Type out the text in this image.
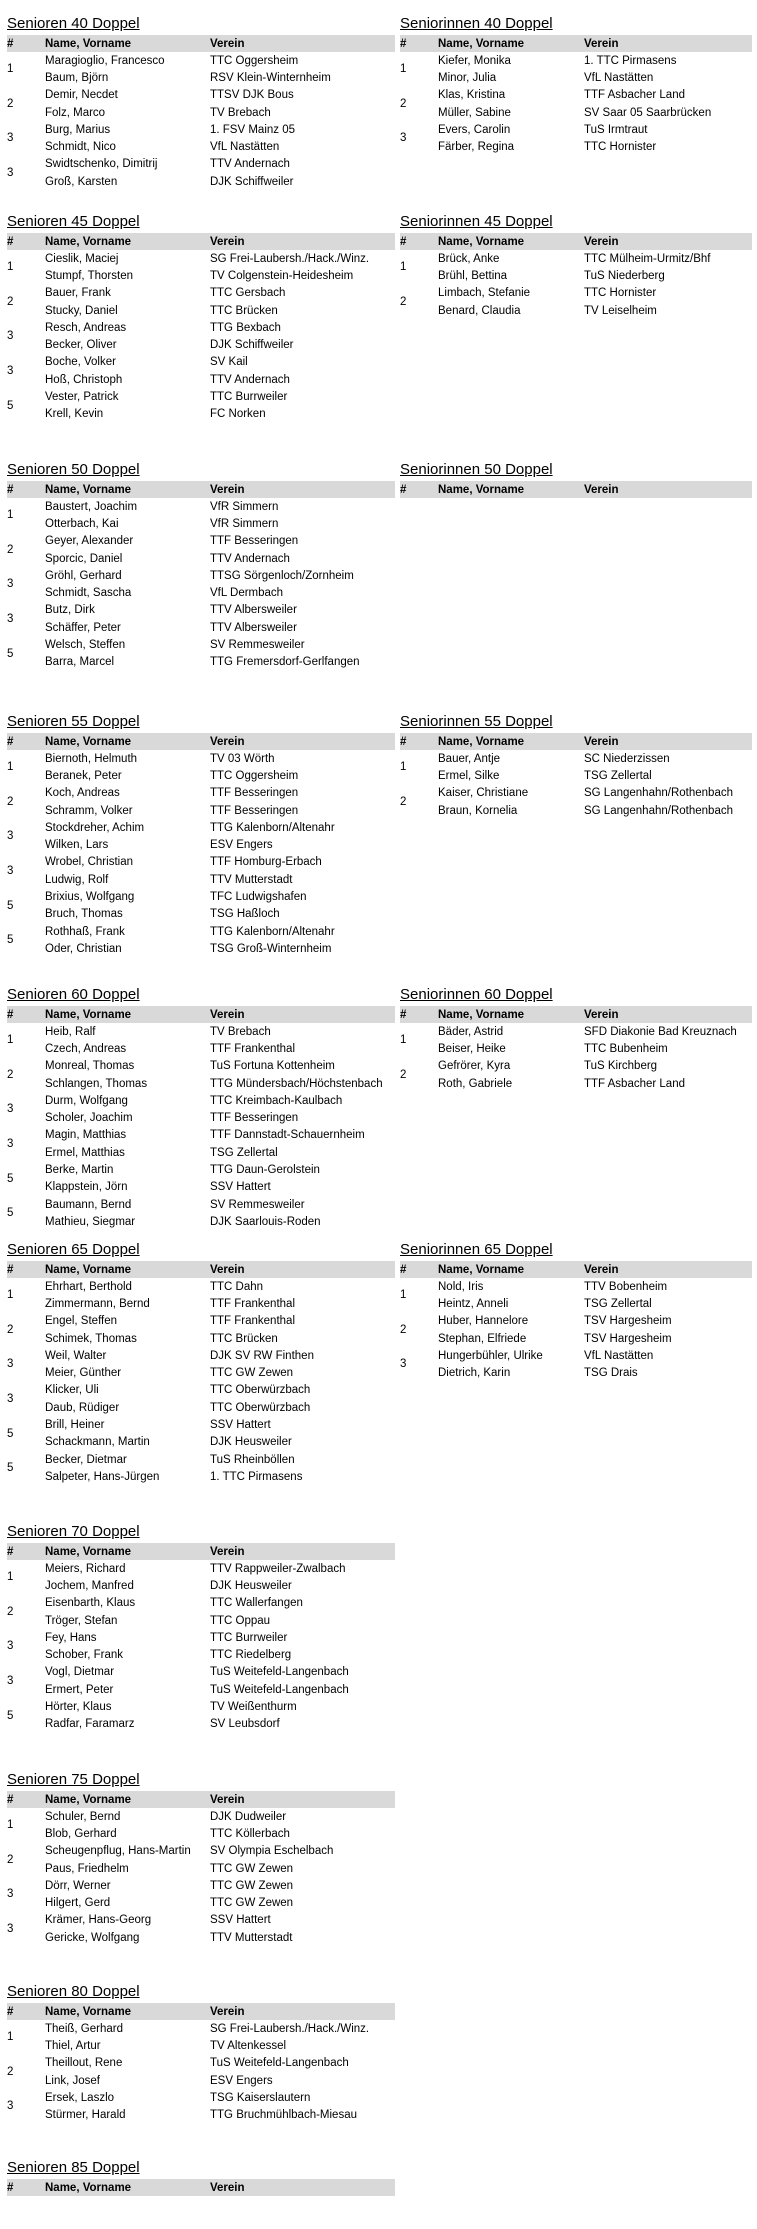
Senioren 40 Doppel
#	Name, Vorname	Verein
1	Maragioglio, Francesco	TTC Oggersheim
	Baum, Björn	RSV Klein-Winternheim
2	Demir, Necdet	TTSV DJK Bous
	Folz, Marco	TV Brebach
3	Burg, Marius	1. FSV Mainz 05
	Schmidt, Nico	VfL Nastätten
3	Swidtschenko, Dimitrij	TTV Andernach
	Groß, Karsten	DJK Schiffweiler
Seniorinnen 40 Doppel
#	Name, Vorname	Verein
1	Kiefer, Monika	1. TTC Pirmasens
	Minor, Julia	VfL Nastätten
2	Klas, Kristina	TTF Asbacher Land
	Müller, Sabine	SV Saar 05 Saarbrücken
3	Evers, Carolin	TuS Irmtraut
	Färber, Regina	TTC Hornister
Senioren 45 Doppel
#	Name, Vorname	Verein
1	Cieslik, Maciej	SG Frei-Laubersh./Hack./Winz.
	Stumpf, Thorsten	TV Colgenstein-Heidesheim
2	Bauer, Frank	TTC Gersbach
	Stucky, Daniel	TTC Brücken
3	Resch, Andreas	TTG Bexbach
	Becker, Oliver	DJK Schiffweiler
3	Boche, Volker	SV Kail
	Hoß, Christoph	TTV Andernach
5	Vester, Patrick	TTC Burrweiler
	Krell, Kevin	FC Norken
Seniorinnen 45 Doppel
#	Name, Vorname	Verein
1	Brück, Anke	TTC Mülheim-Urmitz/Bhf
	Brühl, Bettina	TuS Niederberg
2	Limbach, Stefanie	TTC Hornister
	Benard, Claudia	TV Leiselheim
Senioren 50 Doppel
#	Name, Vorname	Verein
1	Baustert, Joachim	VfR Simmern
	Otterbach, Kai	VfR Simmern
2	Geyer, Alexander	TTF Besseringen
	Sporcic, Daniel	TTV Andernach
3	Gröhl, Gerhard	TTSG Sörgenloch/Zornheim
	Schmidt, Sascha	VfL Dermbach
3	Butz, Dirk	TTV Albersweiler
	Schäffer, Peter	TTV Albersweiler
5	Welsch, Steffen	SV Remmesweiler
	Barra, Marcel	TTG Fremersdorf-Gerlfangen
Seniorinnen 50 Doppel
#	Name, Vorname	Verein
Senioren 55 Doppel
#	Name, Vorname	Verein
1	Biernoth, Helmuth	TV 03 Wörth
	Beranek, Peter	TTC Oggersheim
2	Koch, Andreas	TTF Besseringen
	Schramm, Volker	TTF Besseringen
3	Stockdreher, Achim	TTG Kalenborn/Altenahr
	Wilken, Lars	ESV Engers
3	Wrobel, Christian	TTF Homburg-Erbach
	Ludwig, Rolf	TTV Mutterstadt
5	Brixius, Wolfgang	TFC Ludwigshafen
	Bruch, Thomas	TSG Haßloch
5	Rothhaß, Frank	TTG Kalenborn/Altenahr
	Oder, Christian	TSG Groß-Winternheim
Seniorinnen 55 Doppel
#	Name, Vorname	Verein
1	Bauer, Antje	SC Niederzissen
	Ermel, Silke	TSG Zellertal
2	Kaiser, Christiane	SG Langenhahn/Rothenbach
	Braun, Kornelia	SG Langenhahn/Rothenbach
Senioren 60 Doppel
#	Name, Vorname	Verein
1	Heib, Ralf	TV Brebach
	Czech, Andreas	TTF Frankenthal
2	Monreal, Thomas	TuS Fortuna Kottenheim
	Schlangen, Thomas	TTG Mündersbach/Höchstenbach
3	Durm, Wolfgang	TTC Kreimbach-Kaulbach
	Scholer, Joachim	TTF Besseringen
3	Magin, Matthias	TTF Dannstadt-Schauernheim
	Ermel, Matthias	TSG Zellertal
5	Berke, Martin	TTG Daun-Gerolstein
	Klappstein, Jörn	SSV Hattert
5	Baumann, Bernd	SV Remmesweiler
	Mathieu, Siegmar	DJK Saarlouis-Roden
Seniorinnen 60 Doppel
#	Name, Vorname	Verein
1	Bäder, Astrid	SFD Diakonie Bad Kreuznach
	Beiser, Heike	TTC Bubenheim
2	Gefrörer, Kyra	TuS Kirchberg
	Roth, Gabriele	TTF Asbacher Land
Senioren 65 Doppel
#	Name, Vorname	Verein
1	Ehrhart, Berthold	TTC Dahn
	Zimmermann, Bernd	TTF Frankenthal
2	Engel, Steffen	TTF Frankenthal
	Schimek, Thomas	TTC Brücken
3	Weil, Walter	DJK SV RW Finthen
	Meier, Günther	TTC GW Zewen
3	Klicker, Uli	TTC Oberwürzbach
	Daub, Rüdiger	TTC Oberwürzbach
5	Brill, Heiner	SSV Hattert
	Schackmann, Martin	DJK Heusweiler
5	Becker, Dietmar	TuS Rheinböllen
	Salpeter, Hans-Jürgen	1. TTC Pirmasens
Seniorinnen 65 Doppel
#	Name, Vorname	Verein
1	Nold, Iris	TTV Bobenheim
	Heintz, Anneli	TSG Zellertal
2	Huber, Hannelore	TSV Hargesheim
	Stephan, Elfriede	TSV Hargesheim
3	Hungerbühler, Ulrike	VfL Nastätten
	Dietrich, Karin	TSG Drais
Senioren 70 Doppel
#	Name, Vorname	Verein
1	Meiers, Richard	TTV Rappweiler-Zwalbach
	Jochem, Manfred	DJK Heusweiler
2	Eisenbarth, Klaus	TTC Wallerfangen
	Tröger, Stefan	TTC Oppau
3	Fey, Hans	TTC Burrweiler
	Schober, Frank	TTC Riedelberg
3	Vogl, Dietmar	TuS Weitefeld-Langenbach
	Ermert, Peter	TuS Weitefeld-Langenbach
5	Hörter, Klaus	TV Weißenthurm
	Radfar, Faramarz	SV Leubsdorf
Senioren 75 Doppel
#	Name, Vorname	Verein
1	Schuler, Bernd	DJK Dudweiler
	Blob, Gerhard	TTC Köllerbach
2	Scheugenpflug, Hans-Martin	SV Olympia Eschelbach
	Paus, Friedhelm	TTC GW Zewen
3	Dörr, Werner	TTC GW Zewen
	Hilgert, Gerd	TTC GW Zewen
3	Krämer, Hans-Georg	SSV Hattert
	Gericke, Wolfgang	TTV Mutterstadt
Senioren 80 Doppel
#	Name, Vorname	Verein
1	Theiß, Gerhard	SG Frei-Laubersh./Hack./Winz.
	Thiel, Artur	TV Altenkessel
2	Theillout, Rene	TuS Weitefeld-Langenbach
	Link, Josef	ESV Engers
3	Ersek, Laszlo	TSG Kaiserslautern
	Stürmer, Harald	TTG Bruchmühlbach-Miesau
Senioren 85 Doppel
#	Name, Vorname	Verein
